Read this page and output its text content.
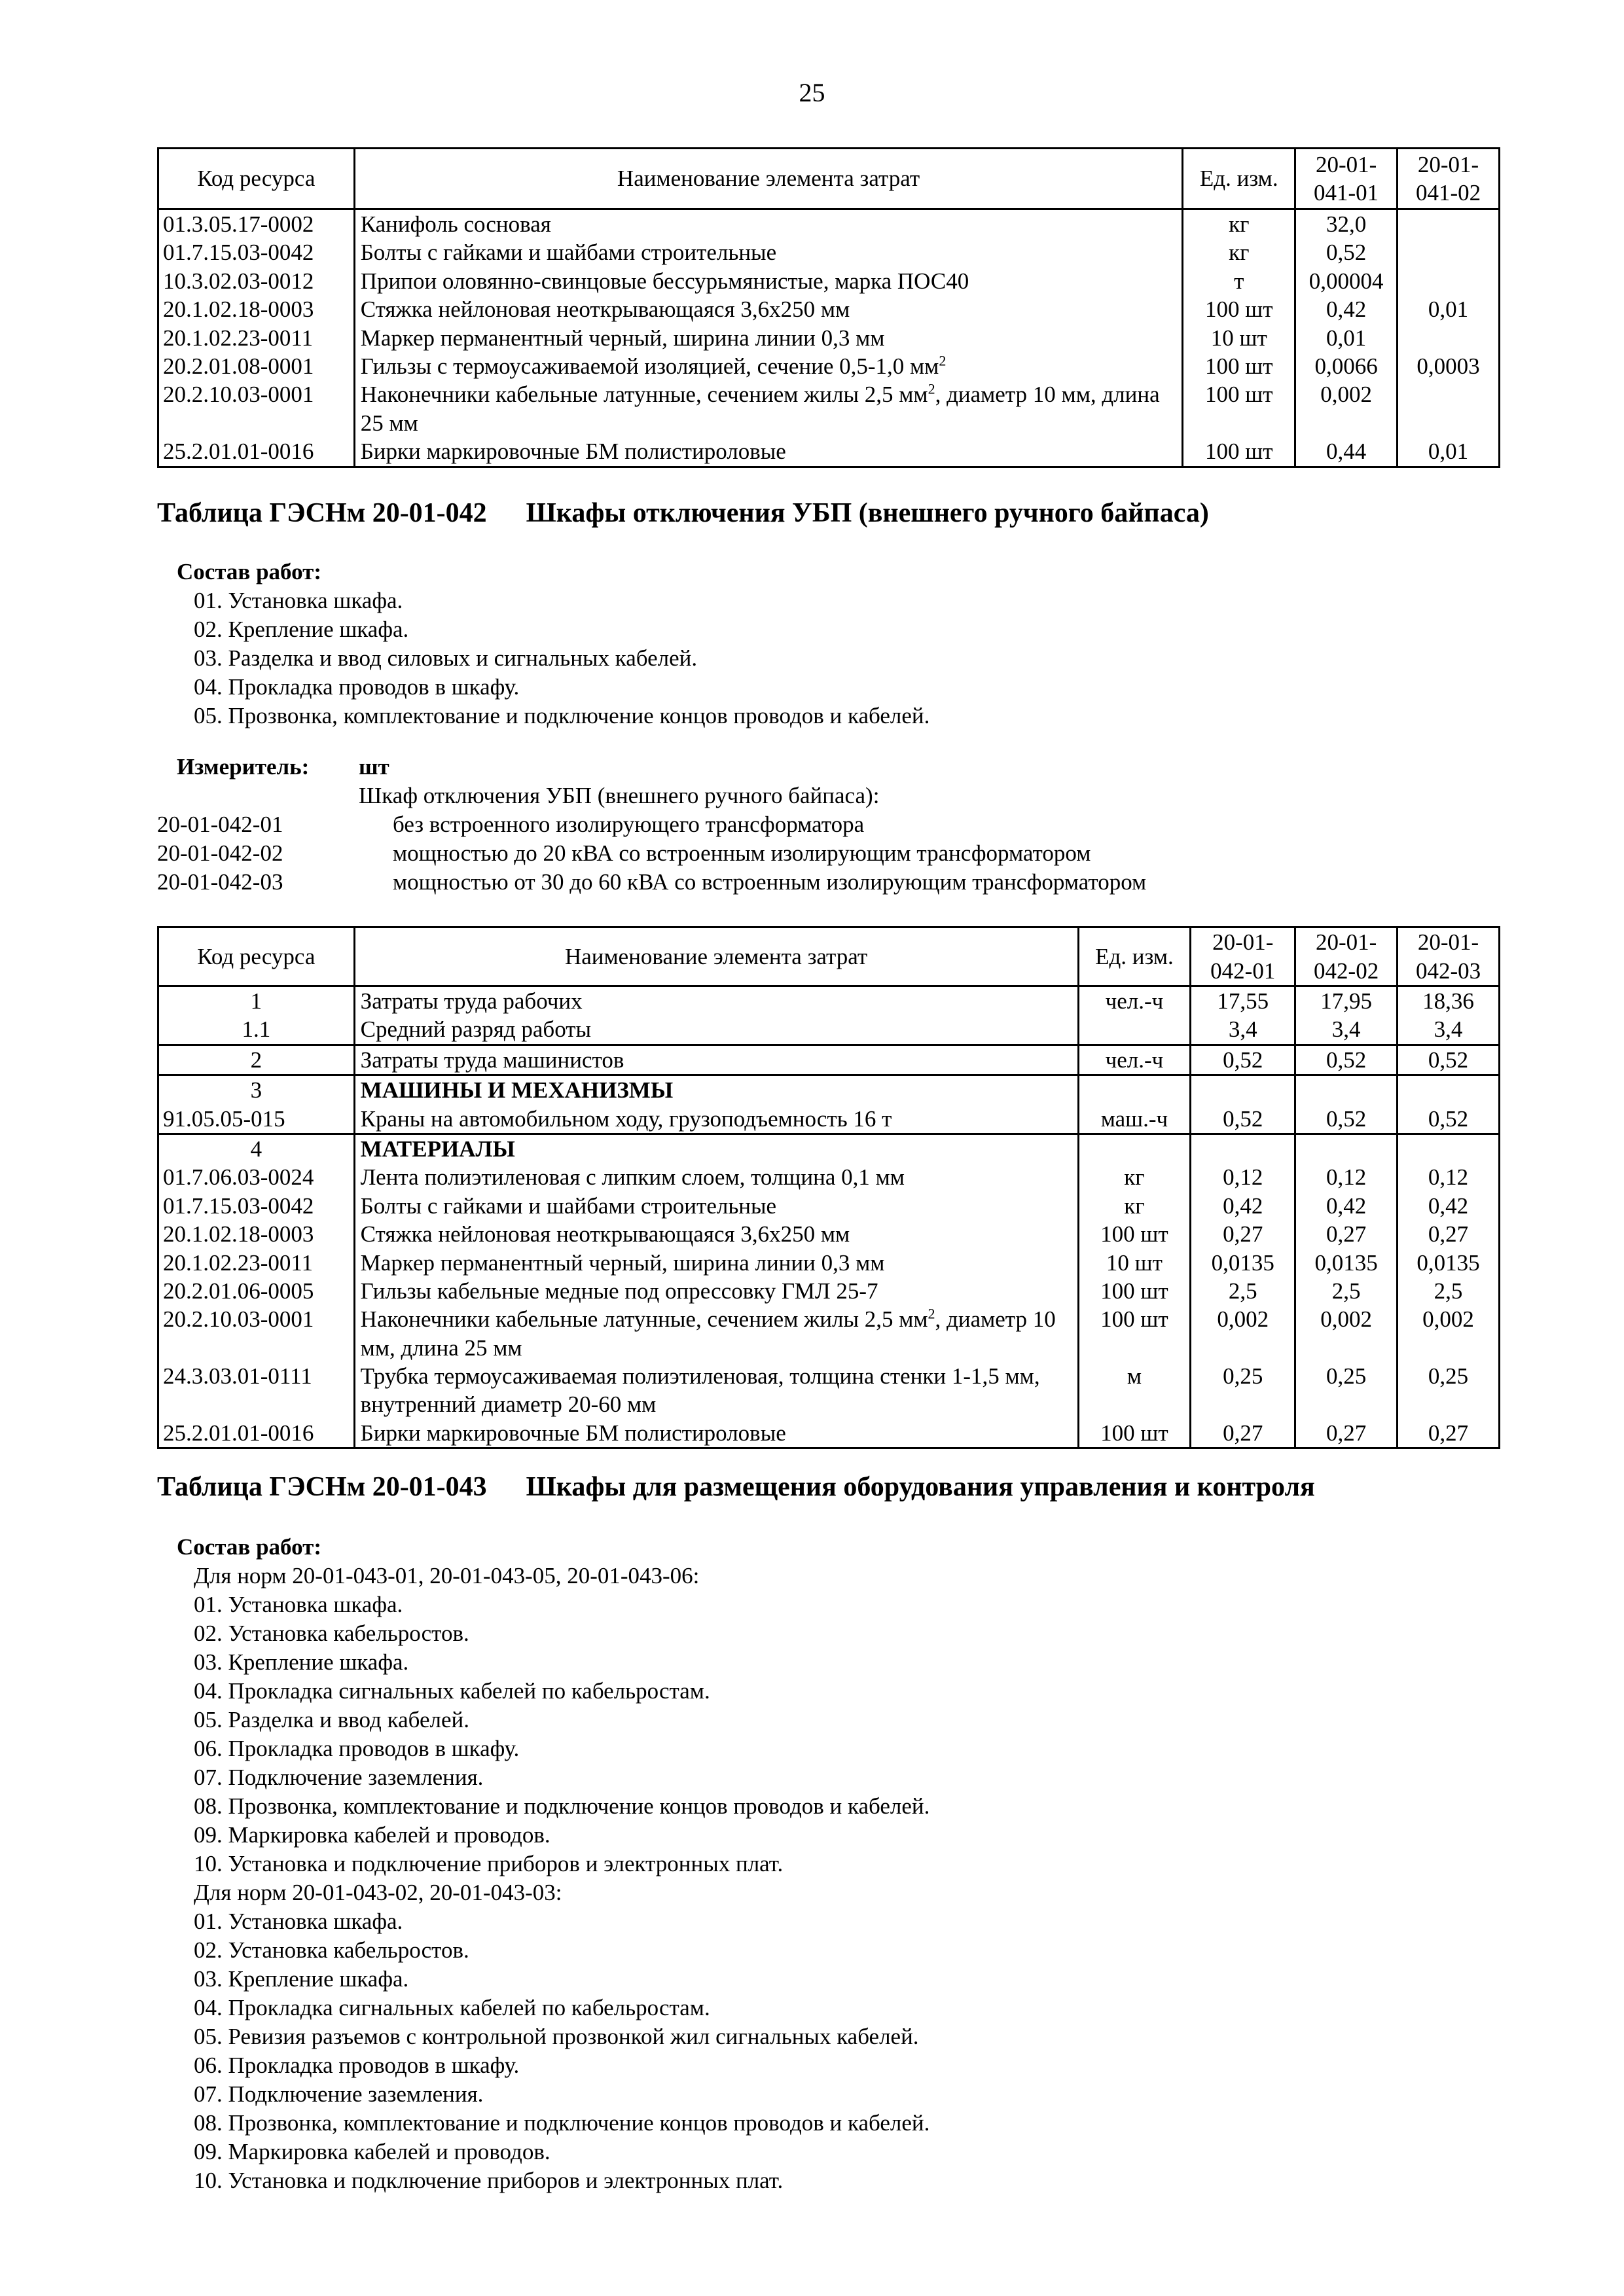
25
Код ресурса	Наименование элемента затрат	Ед. изм.	20-01-041-01	20-01-041-02
01.3.05.17-0002	Канифоль сосновая	кг	32,0	
01.7.15.03-0042	Болты с гайками и шайбами строительные	кг	0,52	
10.3.02.03-0012	Припои оловянно-свинцовые бессурьмянистые, марка ПОС40	т	0,00004	
20.1.02.18-0003	Стяжка нейлоновая неоткрывающаяся 3,6х250 мм	100 шт	0,42	0,01
20.1.02.23-0011	Маркер перманентный черный, ширина линии 0,3 мм	10 шт	0,01	
20.2.01.08-0001	Гильзы с термоусаживаемой изоляцией, сечение 0,5-1,0 $мм^2$	100 шт	0,0066	0,0003
20.2.10.03-0001	Наконечники кабельные латунные, сечением жилы 2,5 $мм^2$, диаметр 10 мм, длина 25 мм	100 шт	0,002	
25.2.01.01-0016	Бирки маркировочные БМ полистироловые	100 шт	0,44	0,01
Таблица ГЭСНм 20-01-042 Шкафы отключения УБП (внешнего ручного байпаса)
Состав работ:
01. Установка шкафа.
02. Крепление шкафа.
03. Разделка и ввод силовых и сигнальных кабелей.
04. Прокладка проводов в шкафу.
05. Прозвонка, комплектование и подключение концов проводов и кабелей.
Измеритель:	шт
Шкаф отключения УБП (внешнего ручного байпаса):
20-01-042-01	без встроенного изолирующего трансформатора
20-01-042-02	мощностью до 20 кВА со встроенным изолирующим трансформатором
20-01-042-03	мощностью от 30 до 60 кВА со встроенным изолирующим трансформатором
Код ресурса	Наименование элемента затрат	Ед. изм.	20-01-042-01	20-01-042-02	20-01-042-03
1	Затраты труда рабочих	чел.-ч	17,55	17,95	18,36
1.1	Средний разряд работы		3,4	3,4	3,4
2	Затраты труда машинистов	чел.-ч	0,52	0,52	0,52
3	МАШИНЫ И МЕХАНИЗМЫ				
91.05.05-015	Краны на автомобильном ходу, грузоподъемность 16 т	маш.-ч	0,52	0,52	0,52
4	МАТЕРИАЛЫ				
01.7.06.03-0024	Лента полиэтиленовая с липким слоем, толщина 0,1 мм	кг	0,12	0,12	0,12
01.7.15.03-0042	Болты с гайками и шайбами строительные	кг	0,42	0,42	0,42
20.1.02.18-0003	Стяжка нейлоновая неоткрывающаяся 3,6х250 мм	100 шт	0,27	0,27	0,27
20.1.02.23-0011	Маркер перманентный черный, ширина линии 0,3 мм	10 шт	0,0135	0,0135	0,0135
20.2.01.06-0005	Гильзы кабельные медные под опрессовку ГМЛ 25-7	100 шт	2,5	2,5	2,5
20.2.10.03-0001	Наконечники кабельные латунные, сечением жилы 2,5 $мм^2$, диаметр 10 мм, длина 25 мм	100 шт	0,002	0,002	0,002
24.3.03.01-0111	Трубка термоусаживаемая полиэтиленовая, толщина стенки 1-1,5 мм, внутренний диаметр 20-60 мм	м	0,25	0,25	0,25
25.2.01.01-0016	Бирки маркировочные БМ полистироловые	100 шт	0,27	0,27	0,27
Таблица ГЭСНм 20-01-043 Шкафы для размещения оборудования управления и контроля
Состав работ:
Для норм 20-01-043-01, 20-01-043-05, 20-01-043-06:
01. Установка шкафа.
02. Установка кабельростов.
03. Крепление шкафа.
04. Прокладка сигнальных кабелей по кабельростам.
05. Разделка и ввод кабелей.
06. Прокладка проводов в шкафу.
07. Подключение заземления.
08. Прозвонка, комплектование и подключение концов проводов и кабелей.
09. Маркировка кабелей и проводов.
10. Установка и подключение приборов и электронных плат.
Для норм 20-01-043-02, 20-01-043-03:
01. Установка шкафа.
02. Установка кабельростов.
03. Крепление шкафа.
04. Прокладка сигнальных кабелей по кабельростам.
05. Ревизия разъемов с контрольной прозвонкой жил сигнальных кабелей.
06. Прокладка проводов в шкафу.
07. Подключение заземления.
08. Прозвонка, комплектование и подключение концов проводов и кабелей.
09. Маркировка кабелей и проводов.
10. Установка и подключение приборов и электронных плат.
